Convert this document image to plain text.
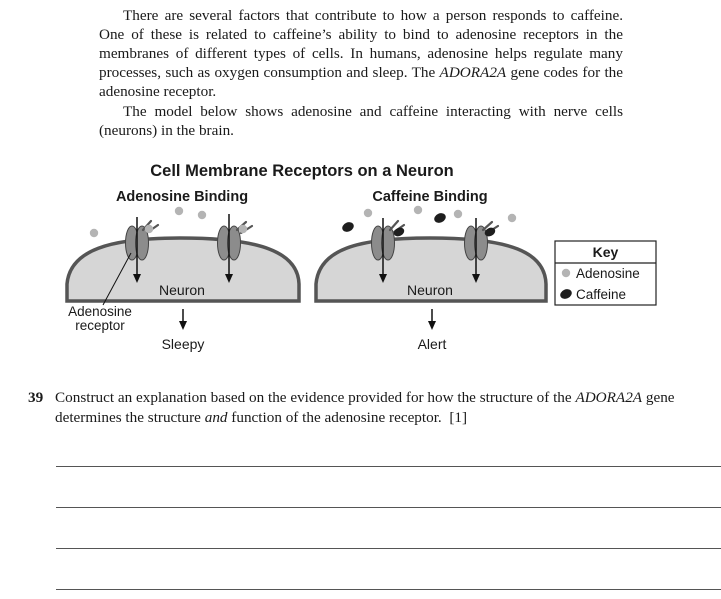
There are several factors that contribute to how a person responds to caffeine. One of these is related to caffeine’s ability to bind to adenosine receptors in the membranes of different types of cells. In humans, adenosine helps regulate many processes, such as oxygen consumption and sleep. The ADORA2A gene codes for the adenosine receptor.

The model below shows adenosine and caffeine interacting with nerve cells (neurons) in the brain.

Cell Membrane Receptors on a Neuron
Adenosine Binding
Neuron
Adenosine receptor
Sleepy
Caffeine Binding
Neuron
Alert
Key
Adenosine
Caffeine
39 Construct an explanation based on the evidence provided for how the structure of the ADORA2A gene determines the structure and function of the adenosine receptor. [1]
